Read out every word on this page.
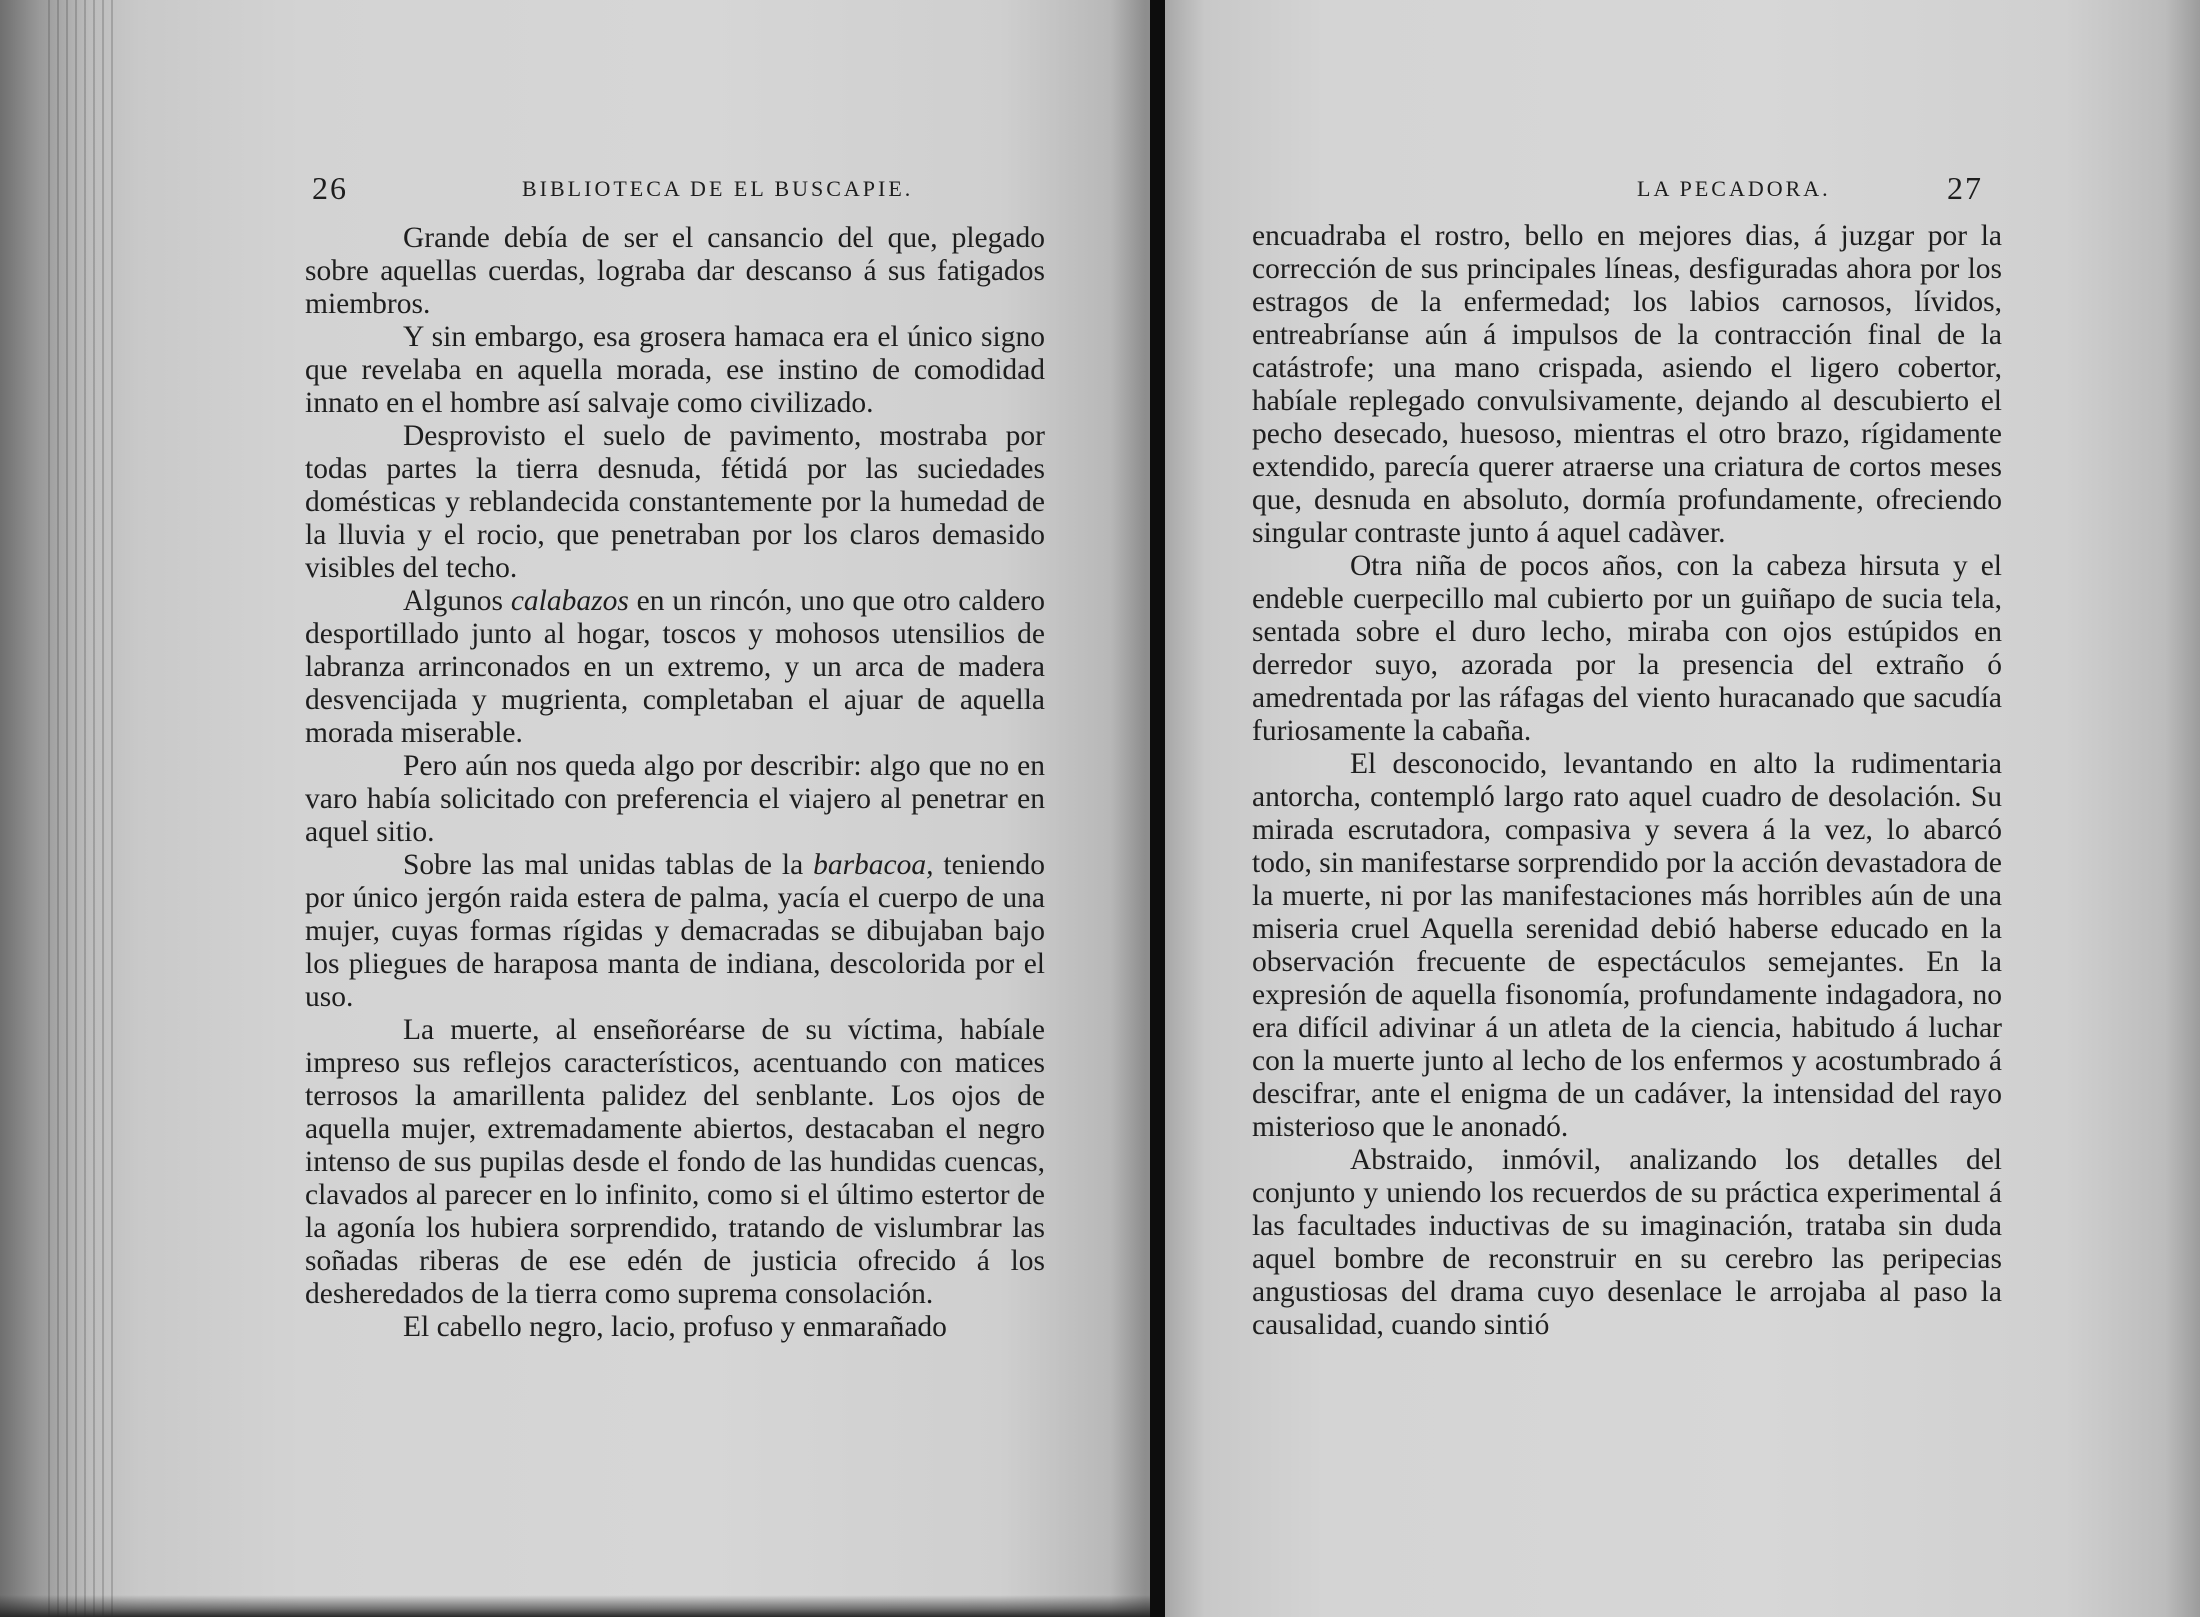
26	BIBLIOTECA DE EL BUSCAPIE.

Grande debía de ser el cansancio del que, plegado sobre aquellas cuerdas, lograba dar descanso á sus fatigados miembros.

Y sin embargo, esa grosera hamaca era el único signo que revelaba en aquella morada, ese instino de comodidad innato en el hombre así salvaje como civilizado.

Desprovisto el suelo de pavimento, mostraba por todas partes la tierra desnuda, fétidá por las suciedades domésticas y reblandecida constantemente por la humedad de la lluvia y el rocio, que penetraban por los claros demasido visibles del techo.

Algunos calabazos en un rincón, uno que otro caldero desportillado junto al hogar, toscos y mohosos utensilios de labranza arrinconados en un extremo, y un arca de madera desvencijada y mugrienta, completaban el ajuar de aquella morada miserable.

Pero aún nos queda algo por describir: algo que no en varo había solicitado con preferencia el viajero al penetrar en aquel sitio.

Sobre las mal unidas tablas de la barbacoa, teniendo por único jergón raida estera de palma, yacía el cuerpo de una mujer, cuyas formas rígidas y demacradas se dibujaban bajo los pliegues de haraposa manta de indiana, descolorida por el uso.

La muerte, al enseñoréarse de su víctima, habíale impreso sus reflejos característicos, acentuando con matices terrosos la amarillenta palidez del senblante. Los ojos de aquella mujer, extremadamente abiertos, destacaban el negro intenso de sus pupilas desde el fondo de las hundidas cuencas, clavados al parecer en lo infinito, como si el último estertor de la agonía los hubiera sorprendido, tratando de vislumbrar las soñadas riberas de ese edén de justicia ofrecido á los desheredados de la tierra como suprema consolación.

El cabello negro, lacio, profuso y enmarañado

LA PECADORA.	27

encuadraba el rostro, bello en mejores dias, á juzgar por la corrección de sus principales líneas, desfiguradas ahora por los estragos de la enfermedad; los labios carnosos, lívidos, entreabríanse aún á impulsos de la contracción final de la catástrofe; una mano crispada, asiendo el ligero cobertor, habíale replegado convulsivamente, dejando al descubierto el pecho desecado, huesoso, mientras el otro brazo, rígidamente extendido, parecía querer atraerse una criatura de cortos meses que, desnuda en absoluto, dormía profundamente, ofreciendo singular contraste junto á aquel cadàver.

Otra niña de pocos años, con la cabeza hirsuta y el endeble cuerpecillo mal cubierto por un guiñapo de sucia tela, sentada sobre el duro lecho, miraba con ojos estúpidos en derredor suyo, azorada por la presencia del extraño ó amedrentada por las ráfagas del viento huracanado que sacudía furiosamente la cabaña.

El desconocido, levantando en alto la rudimentaria antorcha, contempló largo rato aquel cuadro de desolación. Su mirada escrutadora, compasiva y severa á la vez, lo abarcó todo, sin manifestarse sorprendido por la acción devastadora de la muerte, ni por las manifestaciones más horribles aún de una miseria cruel Aquella serenidad debió haberse educado en la observación frecuente de espectáculos semejantes. En la expresión de aquella fisonomía, profundamente indagadora, no era difícil adivinar á un atleta de la ciencia, habitudo á luchar con la muerte junto al lecho de los enfermos y acostumbrado á descifrar, ante el enigma de un cadáver, la intensidad del rayo misterioso que le anonadó.

Abstraido, inmóvil, analizando los detalles del conjunto y uniendo los recuerdos de su práctica experimental á las facultades inductivas de su imaginación, trataba sin duda aquel bombre de reconstruir en su cerebro las peripecias angustiosas del drama cuyo desenlace le arrojaba al paso la causalidad, cuando sintió
